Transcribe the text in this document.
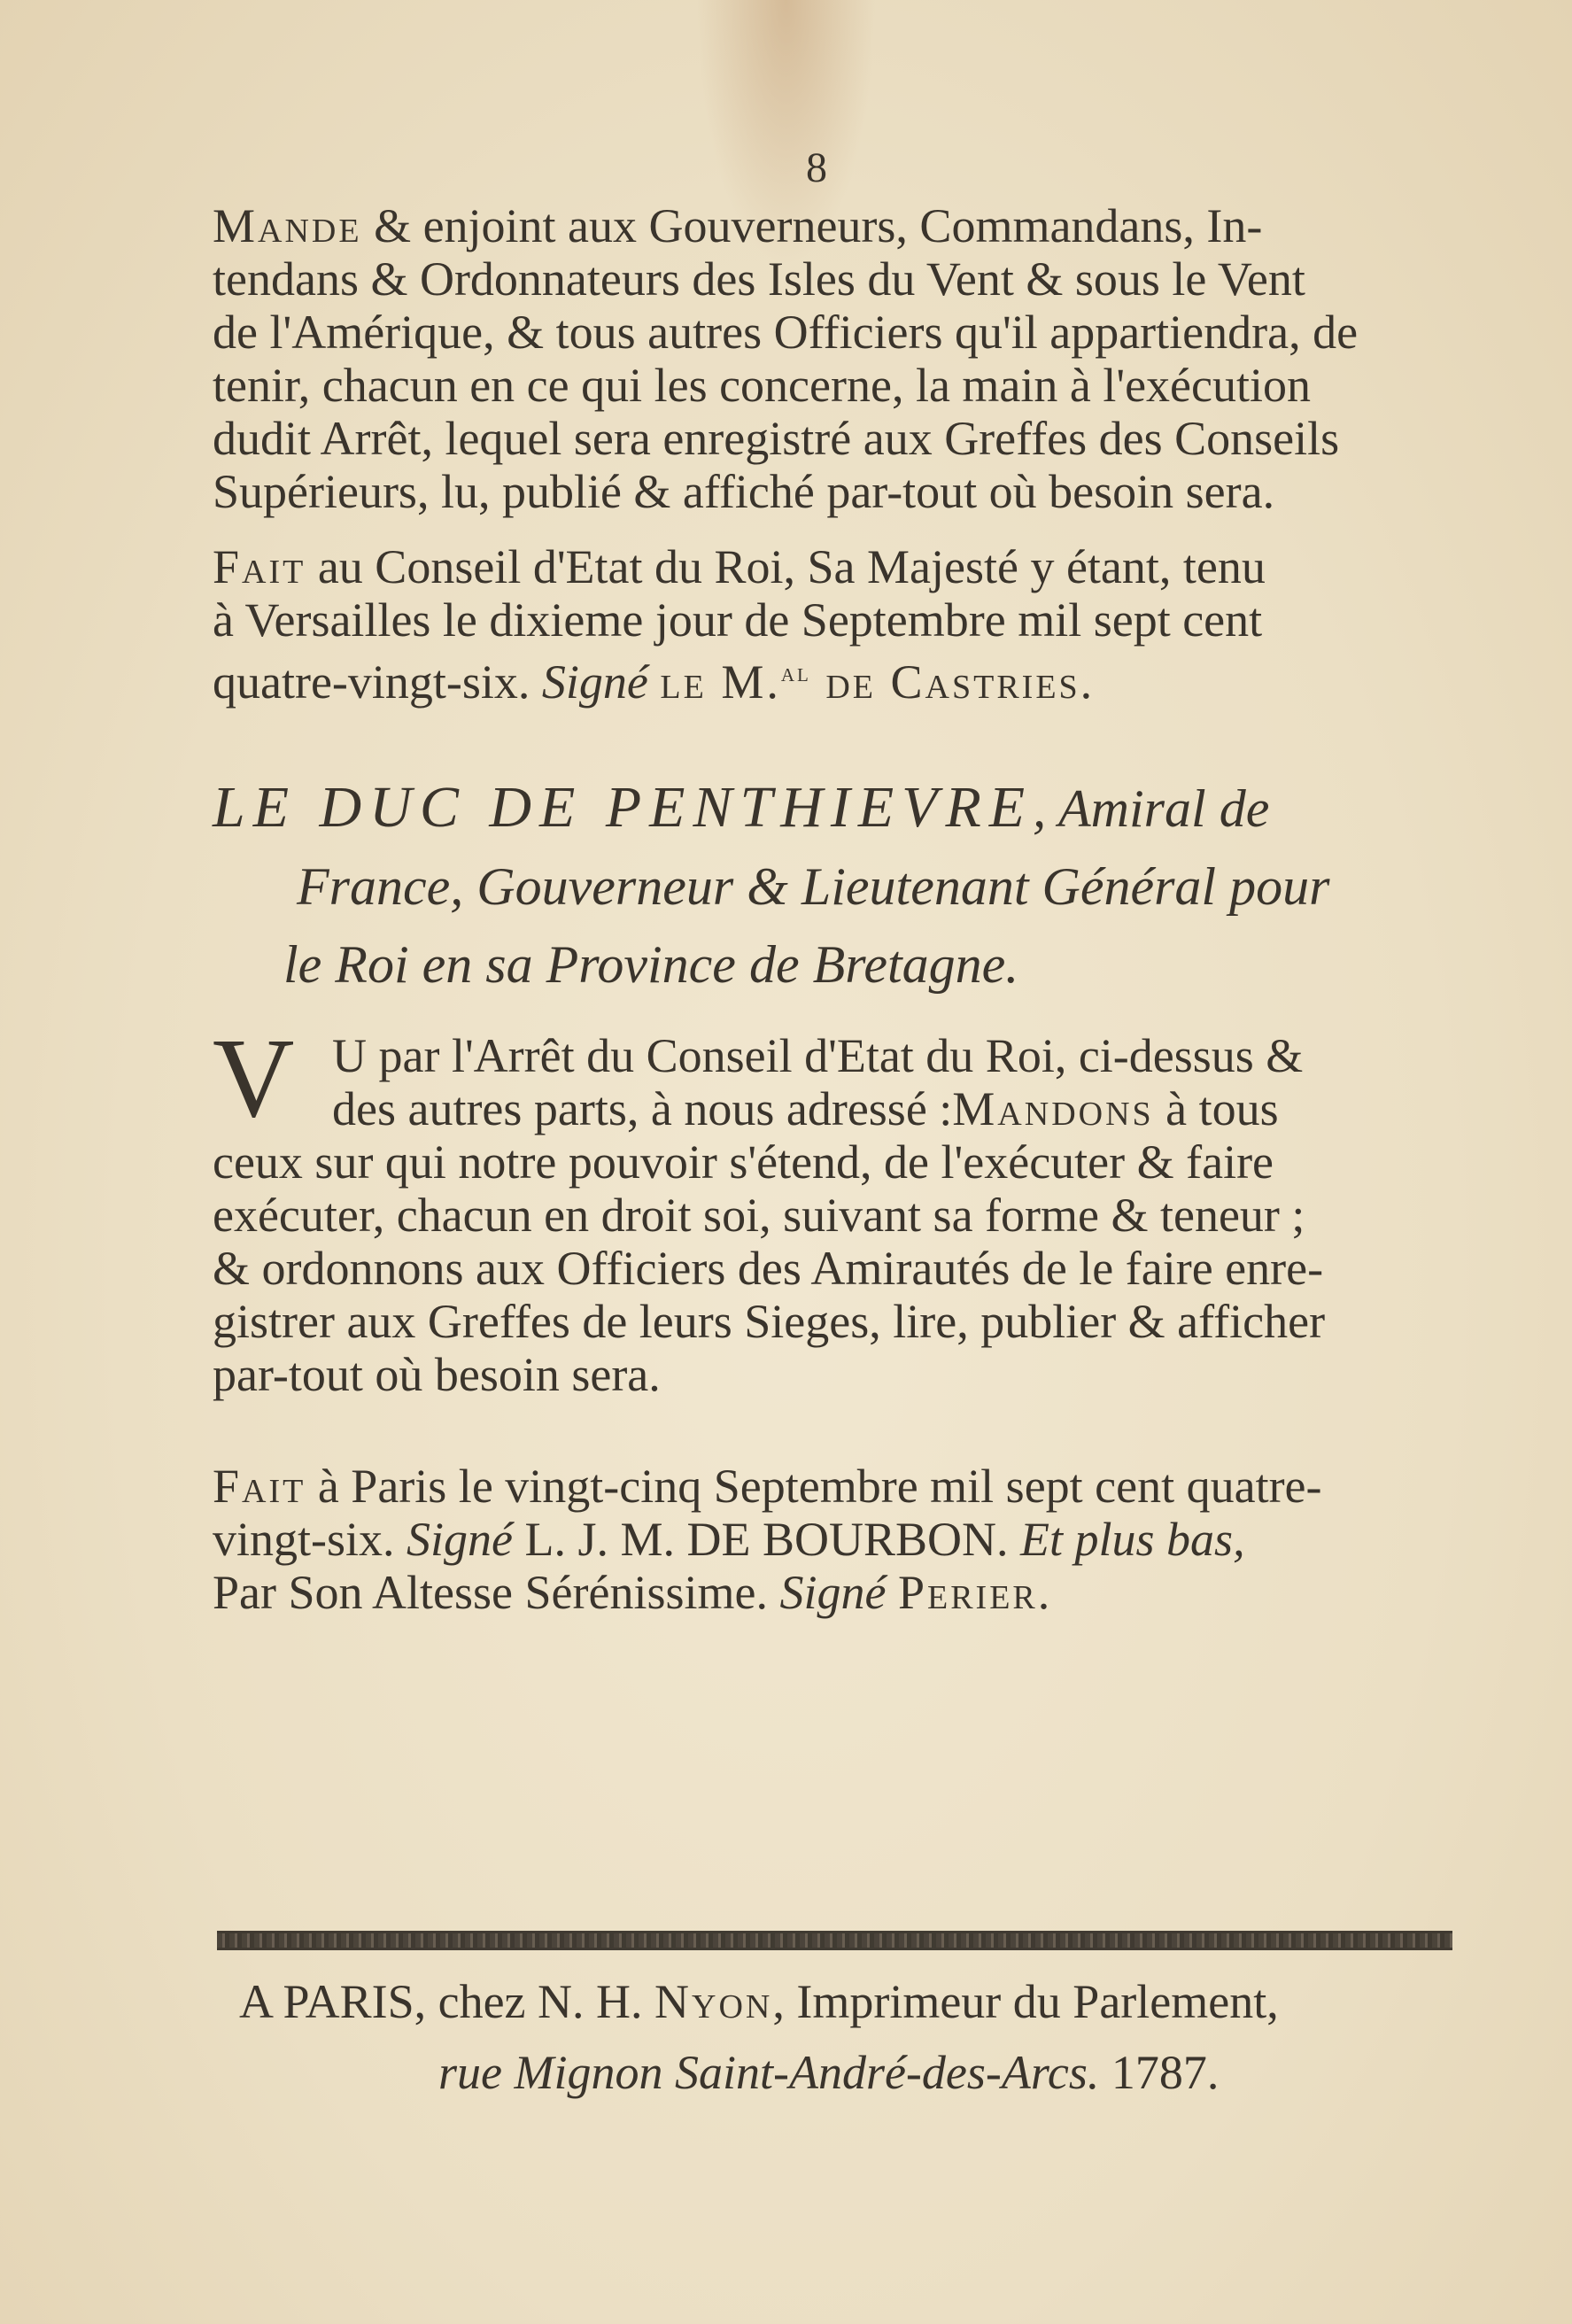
8
Mande & enjoint aux Gouverneurs, Commandans, In-
tendans & Ordonnateurs des Isles du Vent & sous le Vent
de l'Amérique, & tous autres Officiers qu'il appartiendra, de
tenir, chacun en ce qui les concerne, la main à l'exécution
dudit Arrêt, lequel sera enregistré aux Greffes des Conseils
Supérieurs, lu, publié & affiché par-tout où besoin sera.
Fait au Conseil d'Etat du Roi, Sa Majesté y étant, tenu
à Versailles le dixieme jour de Septembre mil sept cent
quatre-vingt-six. Signé le M.$^{al}$ de Castries.
LE DUC DE PENTHIEVRE, Amiral de
France, Gouverneur & Lieutenant Général pour
le Roi en sa Province de Bretagne.
V U par l'Arrêt du Conseil d'Etat du Roi, ci-dessus &
des autres parts, à nous adressé :Mandons à tous
ceux sur qui notre pouvoir s'étend, de l'exécuter & faire
exécuter, chacun en droit soi, suivant sa forme & teneur ;
& ordonnons aux Officiers des Amirautés de le faire enre-
gistrer aux Greffes de leurs Sieges, lire, publier & afficher
par-tout où besoin sera.
Fait à Paris le vingt-cinq Septembre mil sept cent quatre-
vingt-six. Signé L. J. M. DE BOURBON. Et plus bas,
Par Son Altesse Sérénissime. Signé Perier.
A PARIS, chez N. H. Nyon, Imprimeur du Parlement,
rue Mignon Saint-André-des-Arcs. 1787.
